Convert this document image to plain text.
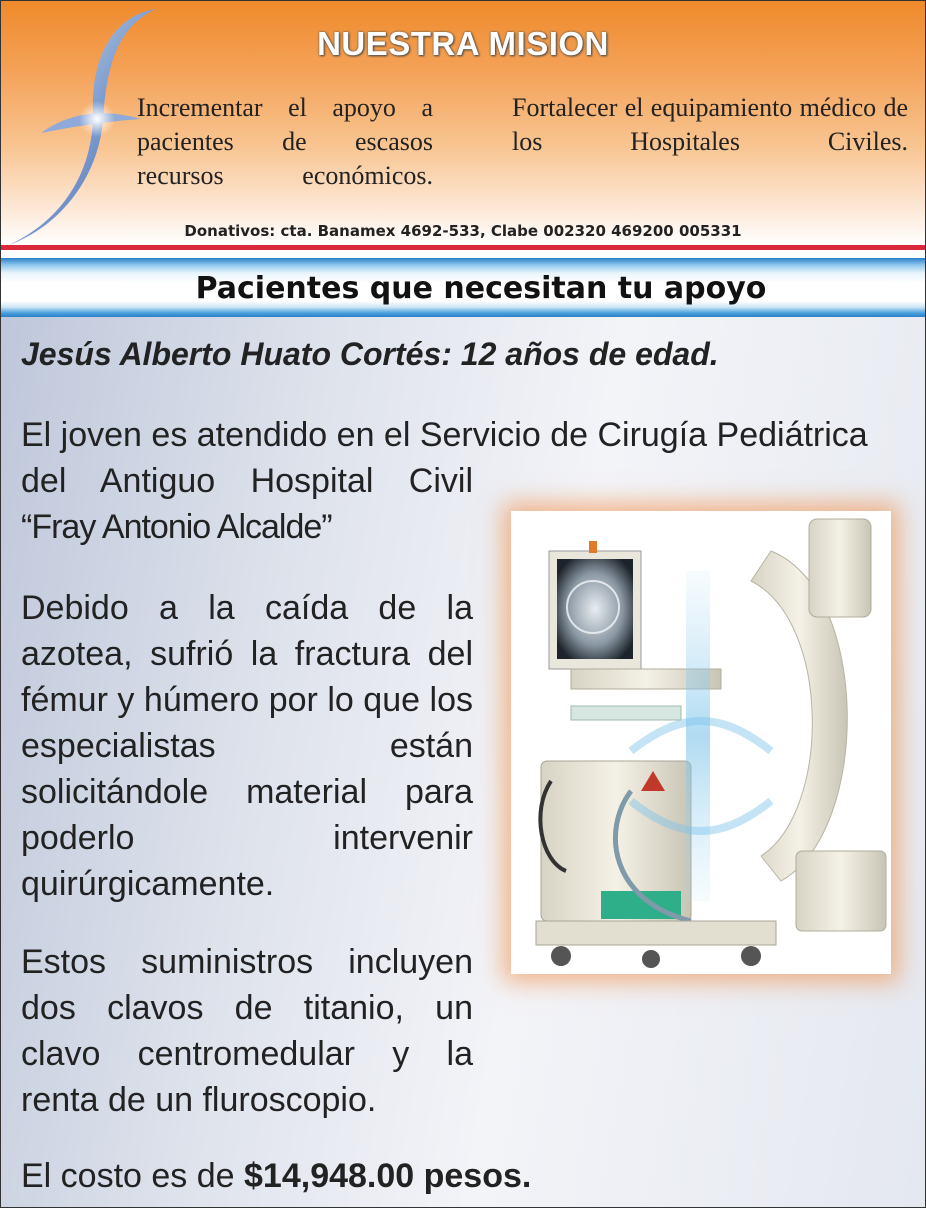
NUESTRA MISION
Incrementar el apoyo a pacientes de escasos recursos económicos.
Fortalecer el equipamiento médico de los Hospitales Civiles.
Donativos: cta. Banamex 4692-533, Clabe 002320 469200 005331
Pacientes que necesitan tu apoyo
Jesús Alberto Huato Cortés: 12 años de edad.
El joven es atendido en el Servicio de Cirugía Pediátrica
del Antiguo Hospital Civil
“Fray Antonio Alcalde”
Debido a la caída de la azotea, sufrió la fractura del fémur y húmero por lo que los especialistas están solicitándole material para poderlo intervenir quirúrgicamente.
Estos suministros incluyen dos clavos de titanio, un clavo centromedular y la renta de un fluroscopio.
El costo es de $14,948.00 pesos.
